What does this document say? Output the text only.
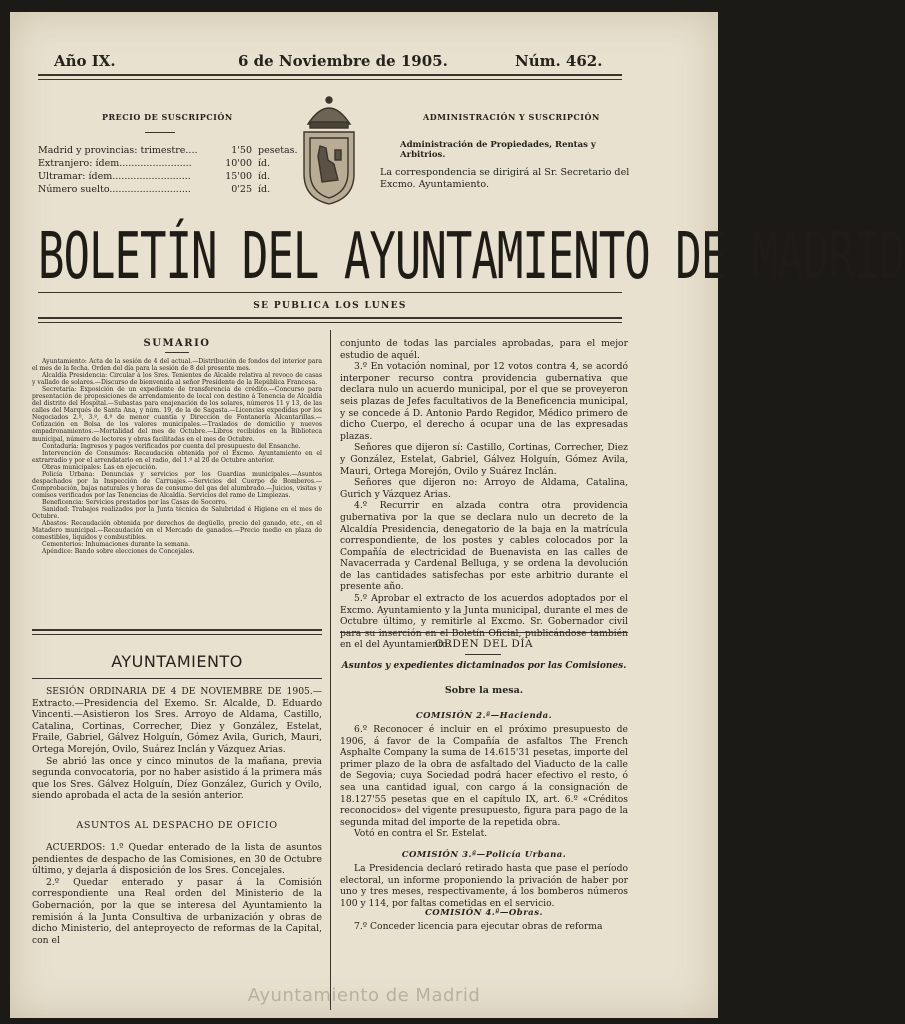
Año IX.	6 de Noviembre de 1905.	Núm. 462.
PRECIO DE SUSCRIPCIÓN
Madrid y provincias: trimestre....	1'50 pesetas.
Extranjero: ídem........................	10'00 íd.
Ultramar: ídem..........................	15'00 íd.
Número suelto...........................	0'25 íd.
ADMINISTRACIÓN Y SUSCRIPCIÓN
Administración de Propiedades, Rentas y Arbitrios.
La correspondencia se dirigirá al Sr. Secretario del Excmo. Ayuntamiento.
BOLETÍN DEL AYUNTAMIENTO DE MADRID
SE PUBLICA LOS LUNES
SUMARIO

Ayuntamiento: Acta de la sesión de 4 del actual.—Distribución de fondos del interior para el mes de la fecha. Orden del día para la sesión de 8 del presente mes.

Alcaldía Presidencia: Circular á los Sres. Tenientes de Alcalde relativa al revoco de casas y vallado de solares.—Discurso de bienvenida al señor Presidente de la República Francesa.

Secretaría: Exposición de un expediente de transferencia de crédito.—Concurso para presentación de proposiciones de arrendamiento de local con destino á Tenencia de Alcaldía del distrito del Hospital.—Subastas para enajenación de los solares, números 11 y 13, de las calles del Marqués de Santa Ana, y núm. 19, de la de Sagasta.—Licencias expedidas por los Negociados 2.º, 3.º, 4.º de menor cuantía y Dirección de Fontanería Alcantarillas.—Cotización en Bolsa de los valores municipales.—Traslados de domicilio y nuevos empadronamientos.—Mortalidad del mes de Octubre.—Libros recibidos en la Biblioteca municipal, número de lectores y obras facilitadas en el mes de Octubre.

Contaduría: Ingresos y pagos verificados por cuenta del presupuesto del Ensanche.

Intervención de Consumos: Recaudación obtenida por el Excmo. Ayuntamiento en el extrarradio y por el arrendatario en el radio, del 1.º al 20 de Octubre anterior.

Obras municipales: Las en ejecución.

Policía Urbana: Denuncias y servicios por los Guardias municipales.—Asuntos despachados por la Inspección de Carruajes.—Servicios del Cuerpo de Bomberos.—Comprobación, bajas naturales y horas de consumo del gas del alumbrado.—Juicios, visitas y comisos verificados por las Tenencias de Alcaldía. Servicios del ramo de Limpiezas.

Beneficencia: Servicios prestados por las Casas de Socorro.

Sanidad: Trabajos realizados por la Junta técnica de Salubridad é Higiene en el mes de Octubre.

Abastos: Recaudación obtenida por derechos de degüello, precio del ganado, etc., en el Matadero municipal.—Recaudación en el Mercado de ganados.—Precio medio en plaza de comestibles, líquidos y combustibles.

Cementerios: Inhumaciones durante la semana.

Apéndice: Bando sobre elecciones de Concejales.

AYUNTAMIENTO

SESIÓN ORDINARIA DE 4 DE NOVIEMBRE DE 1905.—Extracto.—Presidencia del Exemo. Sr. Alcalde, D. Eduardo Vincenti.—Asistieron los Sres. Arroyo de Aldama, Castillo, Catalina, Cortinas, Correcher, Diez y González, Estelat, Fraile, Gabriel, Gálvez Holguín, Gómez Avila, Gurich, Mauri, Ortega Morejón, Ovilo, Suárez Inclán y Vázquez Arias.

Se abrió las once y cinco minutos de la mañana, previa segunda convocatoria, por no haber asistido á la primera más que los Sres. Gálvez Holguín, Díez González, Gurich y Ovilo, siendo aprobada el acta de la sesión anterior.

ASUNTOS AL DESPACHO DE OFICIO

ACUERDOS: 1.º Quedar enterado de la lista de asuntos pendientes de despacho de las Comisiones, en 30 de Octubre último, y dejarla á disposición de los Sres. Concejales.

2.º Quedar enterado y pasar á la Comisión correspondiente una Real orden del Ministerio de la Gobernación, por la que se interesa del Ayuntamiento la remisión á la Junta Consultiva de urbanización y obras de dicho Ministerio, del anteproyecto de reformas de la Capital, con el

conjunto de todas las parciales aprobadas, para el mejor estudio de aquél.

3.º En votación nominal, por 12 votos contra 4, se acordó interponer recurso contra providencia gubernativa que declara nulo un acuerdo municipal, por el que se proveyeron seis plazas de Jefes facultativos de la Beneficencia municipal, y se concede á D. Antonio Pardo Regidor, Médico primero de dicho Cuerpo, el derecho á ocupar una de las expresadas plazas.

Señores que dijeron sí: Castillo, Cortinas, Correcher, Diez y González, Estelat, Gabriel, Gálvez Holguín, Gómez Avila, Mauri, Ortega Morejón, Ovilo y Suárez Inclán.

Señores que dijeron no: Arroyo de Aldama, Catalina, Gurich y Vázquez Arias.

4.º Recurrir en alzada contra otra providencia gubernativa por la que se declara nulo un decreto de la Alcaldía Presidencia, denegatorio de la baja en la matrícula correspondiente, de los postes y cables colocados por la Compañía de electricidad de Buenavista en las calles de Navacerrada y Cardenal Belluga, y se ordena la devolución de las cantidades satisfechas por este arbitrio durante el presente año.

5.º Aprobar el extracto de los acuerdos adoptados por el Excmo. Ayuntamiento y la Junta municipal, durante el mes de Octubre último, y remitirle al Excmo. Sr. Gobernador civil para su inserción en el Boletín Oficial, publicándose también en el del Ayuntamiento.

ORDEN DEL DÍA
Asuntos y expedientes dictaminados por las Comisiones.
Sobre la mesa.
COMISIÓN 2.ª—Hacienda.

6.º Reconocer é incluir en el próximo presupuesto de 1906, á favor de la Compañía de asfaltos The French Asphalte Company la suma de 14.615'31 pesetas, importe del primer plazo de la obra de asfaltado del Viaducto de la calle de Segovia; cuya Sociedad podrá hacer efectivo el resto, ó sea una cantidad igual, con cargo á la consignación de 18.127'55 pesetas que en el capítulo IX, art. 6.º «Créditos reconocidos» del vigente presupuesto, figura para pago de la segunda mitad del importe de la repetida obra.

Votó en contra el Sr. Estelat.

COMISIÓN 3.ª—Policía Urbana.

La Presidencia declaró retirado hasta que pase el período electoral, un informe proponiendo la privación de haber por uno y tres meses, respectivamente, á los bomberos números 100 y 114, por faltas cometidas en el servicio.

COMISIÓN 4.ª—Obras.

7.º Conceder licencia para ejecutar obras de reforma

Ayuntamiento de Madrid
